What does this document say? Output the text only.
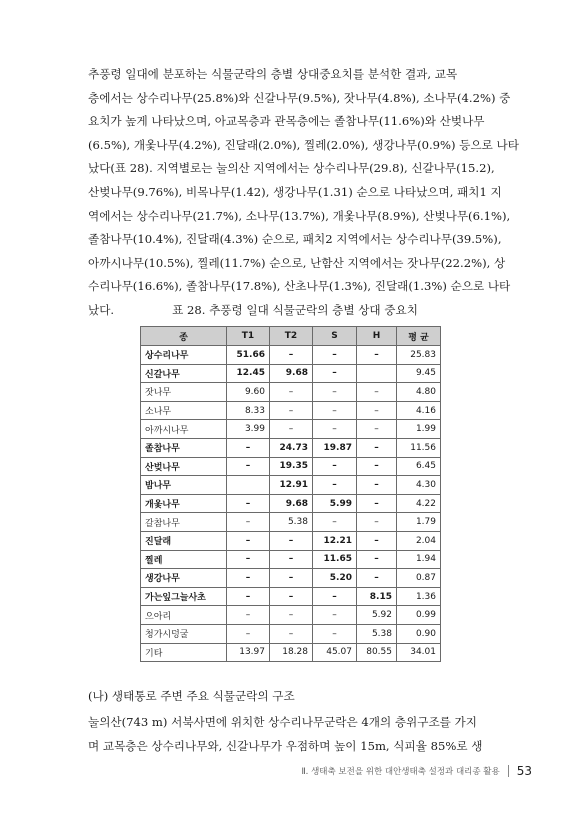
추풍령 일대에 분포하는 식물군락의 층별 상대중요치를 분석한 결과, 교목
층에서는 상수리나무(25.8%)와 신갈나무(9.5%), 잣나무(4.8%), 소나무(4.2%) 중
요치가 높게 나타났으며, 아교목층과 관목층에는 졸참나무(11.6%)와 산벚나무
(6.5%), 개옻나무(4.2%), 진달래(2.0%), 찔레(2.0%), 생강나무(0.9%) 등으로 나타
났다(표 28). 지역별로는 눌의산 지역에서는 상수리나무(29.8), 신갈나무(15.2),
산벚나무(9.76%), 비목나무(1.42), 생강나무(1.31) 순으로 나타났으며, 패치1 지
역에서는 상수리나무(21.7%), 소나무(13.7%), 개옻나무(8.9%), 산벚나무(6.1%),
졸참나무(10.4%), 진달래(4.3%) 순으로, 패치2 지역에서는 상수리나무(39.5%),
아까시나무(10.5%), 찔레(11.7%) 순으로, 난함산 지역에서는 잣나무(22.2%), 상
수리나무(16.6%), 졸참나무(17.8%), 산초나무(1.3%), 진달래(1.3%) 순으로 나타
났다.	표 28. 추풍령 일대 식물군락의 층별 상대 중요치
종	T1	T2	S	H	평 균
상수리나무	51.66	–	–	–	25.83
신갈나무	12.45	9.68	–		9.45
잣나무	9.60	–	–	–	4.80
소나무	8.33	–	–	–	4.16
아까시나무	3.99	–	–	–	1.99
졸참나무	–	24.73	19.87	–	11.56
산벚나무	–	19.35	–	–	6.45
밤나무		12.91	–	–	4.30
개옻나무	–	9.68	5.99	–	4.22
갈참나무	–	5.38	–	–	1.79
진달래	–	–	12.21	–	2.04
찔레	–	–	11.65	–	1.94
생강나무	–	–	5.20	–	0.87
가는잎그늘사초	–	–	–	8.15	1.36
으아리	–	–	–	5.92	0.99
청가시덩굴	–	–	–	5.38	0.90
기타	13.97	18.28	45.07	80.55	34.01

(나) 생태통로 주변 주요 식물군락의 구조

눌의산(743 m) 서북사면에 위치한 상수리나무군락은 4개의 층위구조를 가지
며 교목층은 상수리나무와, 신갈나무가 우점하며 높이 15m, 식피율 85%로 생
Ⅱ. 생태축 보전을 위한 대안생태축 설정과 대리종 활용 53
